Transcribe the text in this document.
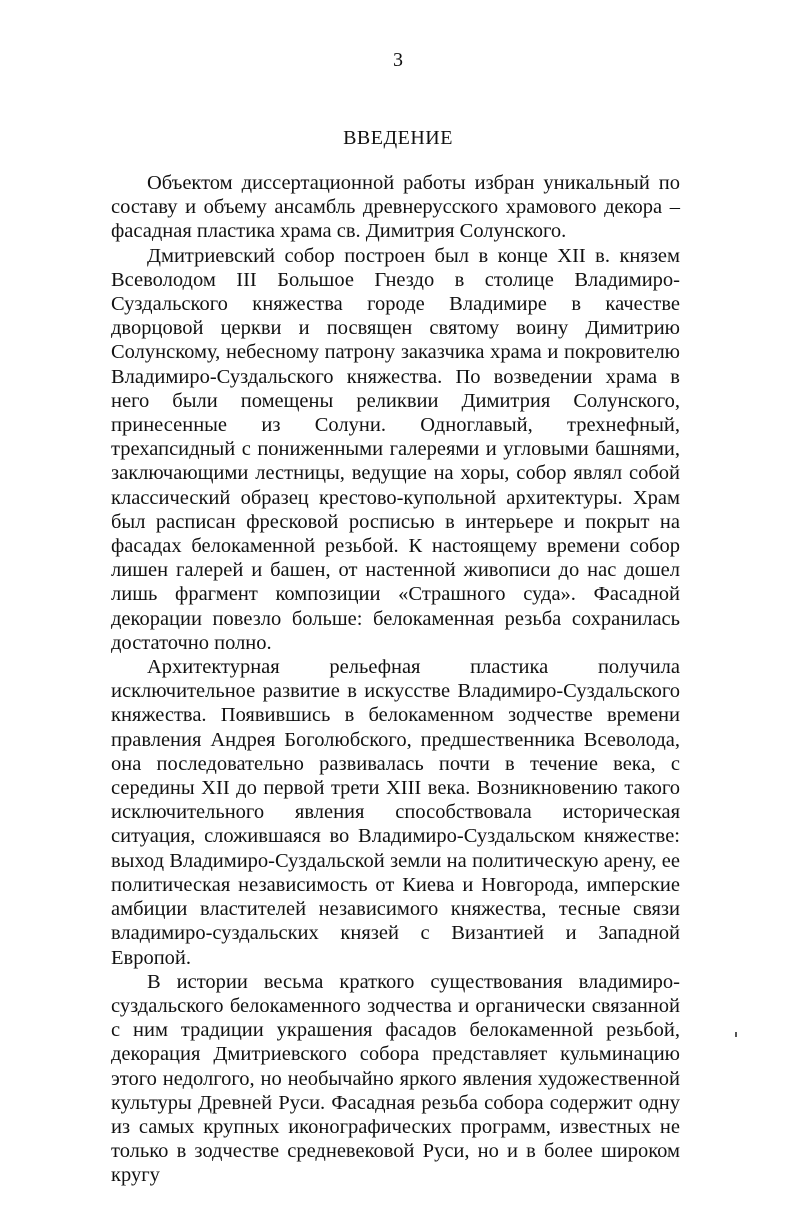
3
ВВЕДЕНИЕ

Объектом диссертационной работы избран уникальный по составу и объему ансамбль древнерусского храмового декора – фасадная пластика храма св. Димитрия Солунского.

Дмитриевский собор построен был в конце XII в. князем Всеволодом III Большое Гнездо в столице Владимиро-Суздальского княжества городе Владимире в качестве дворцовой церкви и посвящен святому воину Димитрию Солунскому, небесному патрону заказчика храма и покровителю Владимиро-Суздальского княжества. По возведении храма в него были помещены реликвии Димитрия Солунского, принесенные из Солуни. Одноглавый, трехнефный, трехапсидный с пониженными галереями и угловыми башнями, заключающими лестницы, ведущие на хоры, собор являл собой классический образец крестово-купольной архитектуры. Храм был расписан фресковой росписью в интерьере и покрыт на фасадах белокаменной резьбой. К настоящему времени собор лишен галерей и башен, от настенной живописи до нас дошел лишь фрагмент композиции «Страшного суда». Фасадной декорации повезло больше: белокаменная резьба сохранилась достаточно полно.

Архитектурная рельефная пластика получила исключительное развитие в искусстве Владимиро-Суздальского княжества. Появившись в белокаменном зодчестве времени правления Андрея Боголюбского, предшественника Всеволода, она последовательно развивалась почти в течение века, с середины XII до первой трети XIII века. Возникновению такого исключительного явления способствовала историческая ситуация, сложившаяся во Владимиро-Суздальском княжестве: выход Владимиро-Суздальской земли на политическую арену, ее политическая независимость от Киева и Новгорода, имперские амбиции властителей независимого княжества, тесные связи владимиро-суздальских князей с Византией и Западной Европой.

В истории весьма краткого существования владимиро-суздальского белокаменного зодчества и органически связанной с ним традиции украшения фасадов белокаменной резьбой, декорация Дмитриевского собора представляет кульминацию этого недолгого, но необычайно яркого явления художественной культуры Древней Руси. Фасадная резьба собора содержит одну из самых крупных иконографических программ, известных не только в зодчестве средневековой Руси, но и в более широком кругу
